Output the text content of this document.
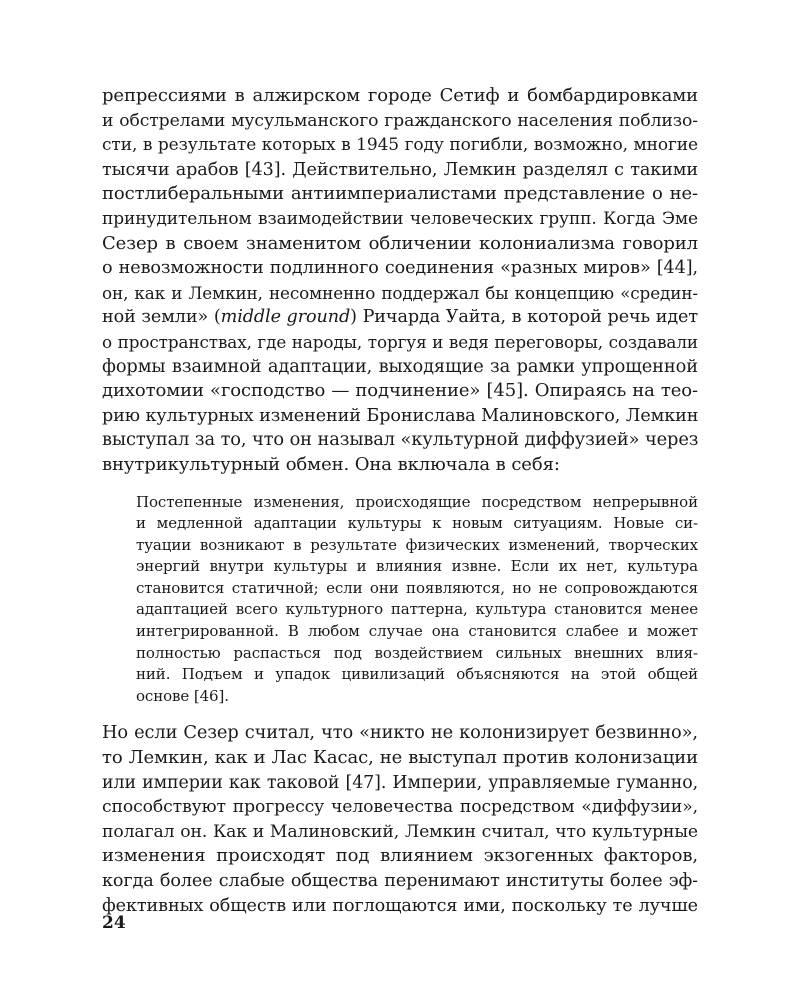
репрессиями в алжирском городе Сетиф и бомбардировками
и обстрелами мусульманского гражданского населения поблизо-
сти, в результате которых в 1945 году погибли, возможно, многие
тысячи арабов [43]. Действительно, Лемкин разделял с такими
постлиберальными антиимпериалистами представление о не-
принудительном взаимодействии человеческих групп. Когда Эме
Сезер в своем знаменитом обличении колониализма говорил
о невозможности подлинного соединения «разных миров» [44],
он, как и Лемкин, несомненно поддержал бы концепцию «средин-
ной земли» (middle ground) Ричарда Уайта, в которой речь идет
о пространствах, где народы, торгуя и ведя переговоры, создавали
формы взаимной адаптации, выходящие за рамки упрощенной
дихотомии «господство — подчинение» [45]. Опираясь на тео-
рию культурных изменений Бронислава Малиновского, Лемкин
выступал за то, что он называл «культурной диффузией» через
внутрикультурный обмен. Она включала в себя:
Постепенные изменения, происходящие посредством непрерывной
и медленной адаптации культуры к новым ситуациям. Новые си-
туации возникают в результате физических изменений, творческих
энергий внутри культуры и влияния извне. Если их нет, культура
становится статичной; если они появляются, но не сопровождаются
адаптацией всего культурного паттерна, культура становится менее
интегрированной. В любом случае она становится слабее и может
полностью распасться под воздействием сильных внешних влия-
ний. Подъем и упадок цивилизаций объясняются на этой общей
основе [46].
Но если Сезер считал, что «никто не колонизирует безвинно»,
то Лемкин, как и Лас Касас, не выступал против колонизации
или империи как таковой [47]. Империи, управляемые гуманно,
способствуют прогрессу человечества посредством «диффузии»,
полагал он. Как и Малиновский, Лемкин считал, что культурные
изменения происходят под влиянием экзогенных факторов,
когда более слабые общества перенимают институты более эф-
фективных обществ или поглощаются ими, поскольку те лучше
24
